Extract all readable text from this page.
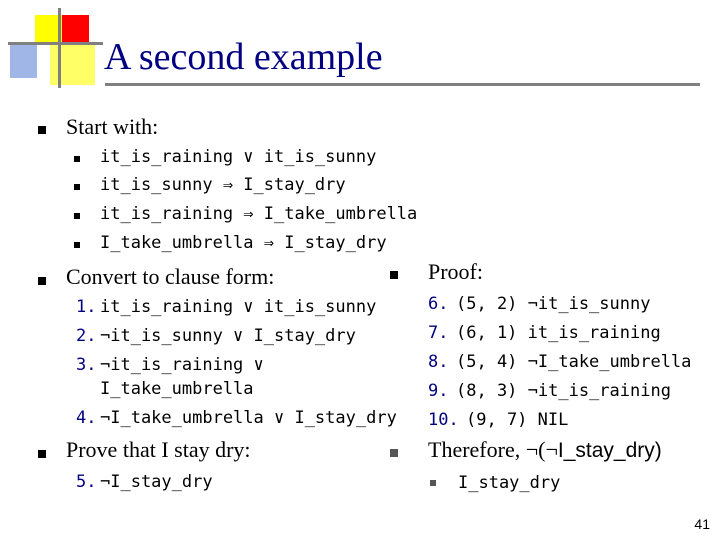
A second example
Start with:
it_is_raining ∨ it_is_sunny
it_is_sunny ⇒ I_stay_dry
it_is_raining ⇒ I_take_umbrella
I_take_umbrella ⇒ I_stay_dry
Convert to clause form:
1. it_is_raining ∨ it_is_sunny
2. ¬it_is_sunny ∨ I_stay_dry
3. ¬it_is_raining ∨
I_take_umbrella
4. ¬I_take_umbrella ∨ I_stay_dry
Prove that I stay dry:
5. ¬I_stay_dry
Proof:
6. (5, 2) ¬it_is_sunny
7. (6, 1) it_is_raining
8. (5, 4) ¬I_take_umbrella
9. (8, 3) ¬it_is_raining
10. (9, 7) NIL
Therefore, ¬(¬I_stay_dry)
I_stay_dry
41
